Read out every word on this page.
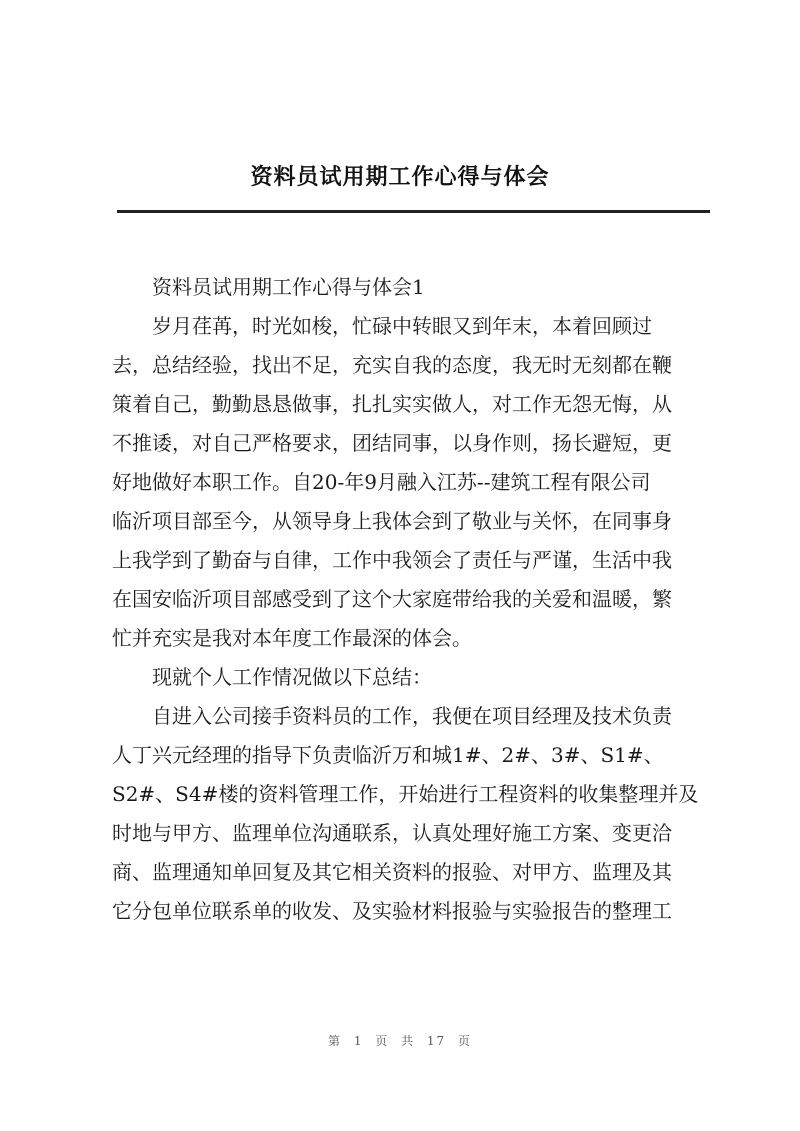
资料员试用期工作心得与体会

资料员试用期工作心得与体会1

岁月荏苒，时光如梭，忙碌中转眼又到年末，本着回顾过
去，总结经验，找出不足，充实自我的态度，我无时无刻都在鞭
策着自己，勤勤恳恳做事，扎扎实实做人，对工作无怨无悔，从
不推诿，对自己严格要求，团结同事，以身作则，扬长避短，更
好地做好本职工作。自20-年9月融入江苏--建筑工程有限公司
临沂项目部至今，从领导身上我体会到了敬业与关怀，在同事身
上我学到了勤奋与自律，工作中我领会了责任与严谨，生活中我
在国安临沂项目部感受到了这个大家庭带给我的关爱和温暖，繁
忙并充实是我对本年度工作最深的体会。

现就个人工作情况做以下总结：

自进入公司接手资料员的工作，我便在项目经理及技术负责
人丁兴元经理的指导下负责临沂万和城1#、2#、3#、S1#、
S2#、S4#楼的资料管理工作，开始进行工程资料的收集整理并及
时地与甲方、监理单位沟通联系，认真处理好施工方案、变更洽
商、监理通知单回复及其它相关资料的报验、对甲方、监理及其
它分包单位联系单的收发、及实验材料报验与实验报告的整理工

第 1 页 共 17 页
